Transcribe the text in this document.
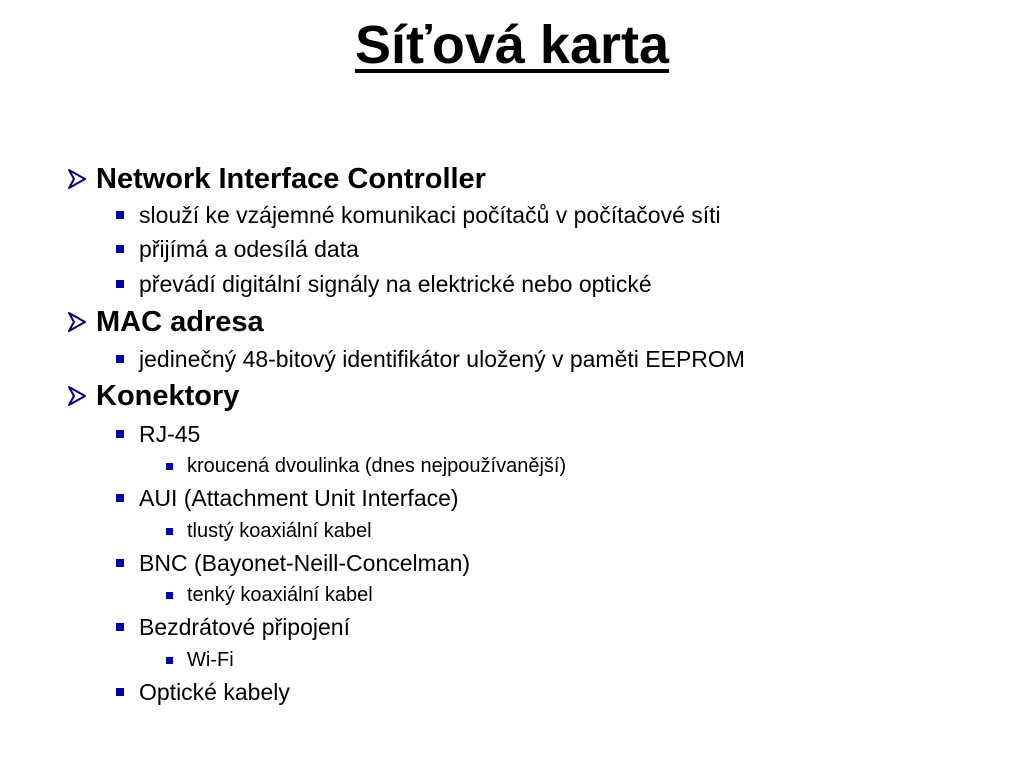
Síťová karta
Network Interface Controller
slouží ke vzájemné komunikaci počítačů v počítačové síti
přijímá a odesílá data
převádí digitální signály na elektrické nebo optické
MAC adresa
jedinečný 48-bitový identifikátor uložený v paměti EEPROM
Konektory
RJ-45
kroucená dvoulinka (dnes nejpoužívanější)
AUI (Attachment Unit Interface)
tlustý koaxiální kabel
BNC (Bayonet-Neill-Concelman)
tenký koaxiální kabel
Bezdrátové připojení
Wi-Fi
Optické kabely
